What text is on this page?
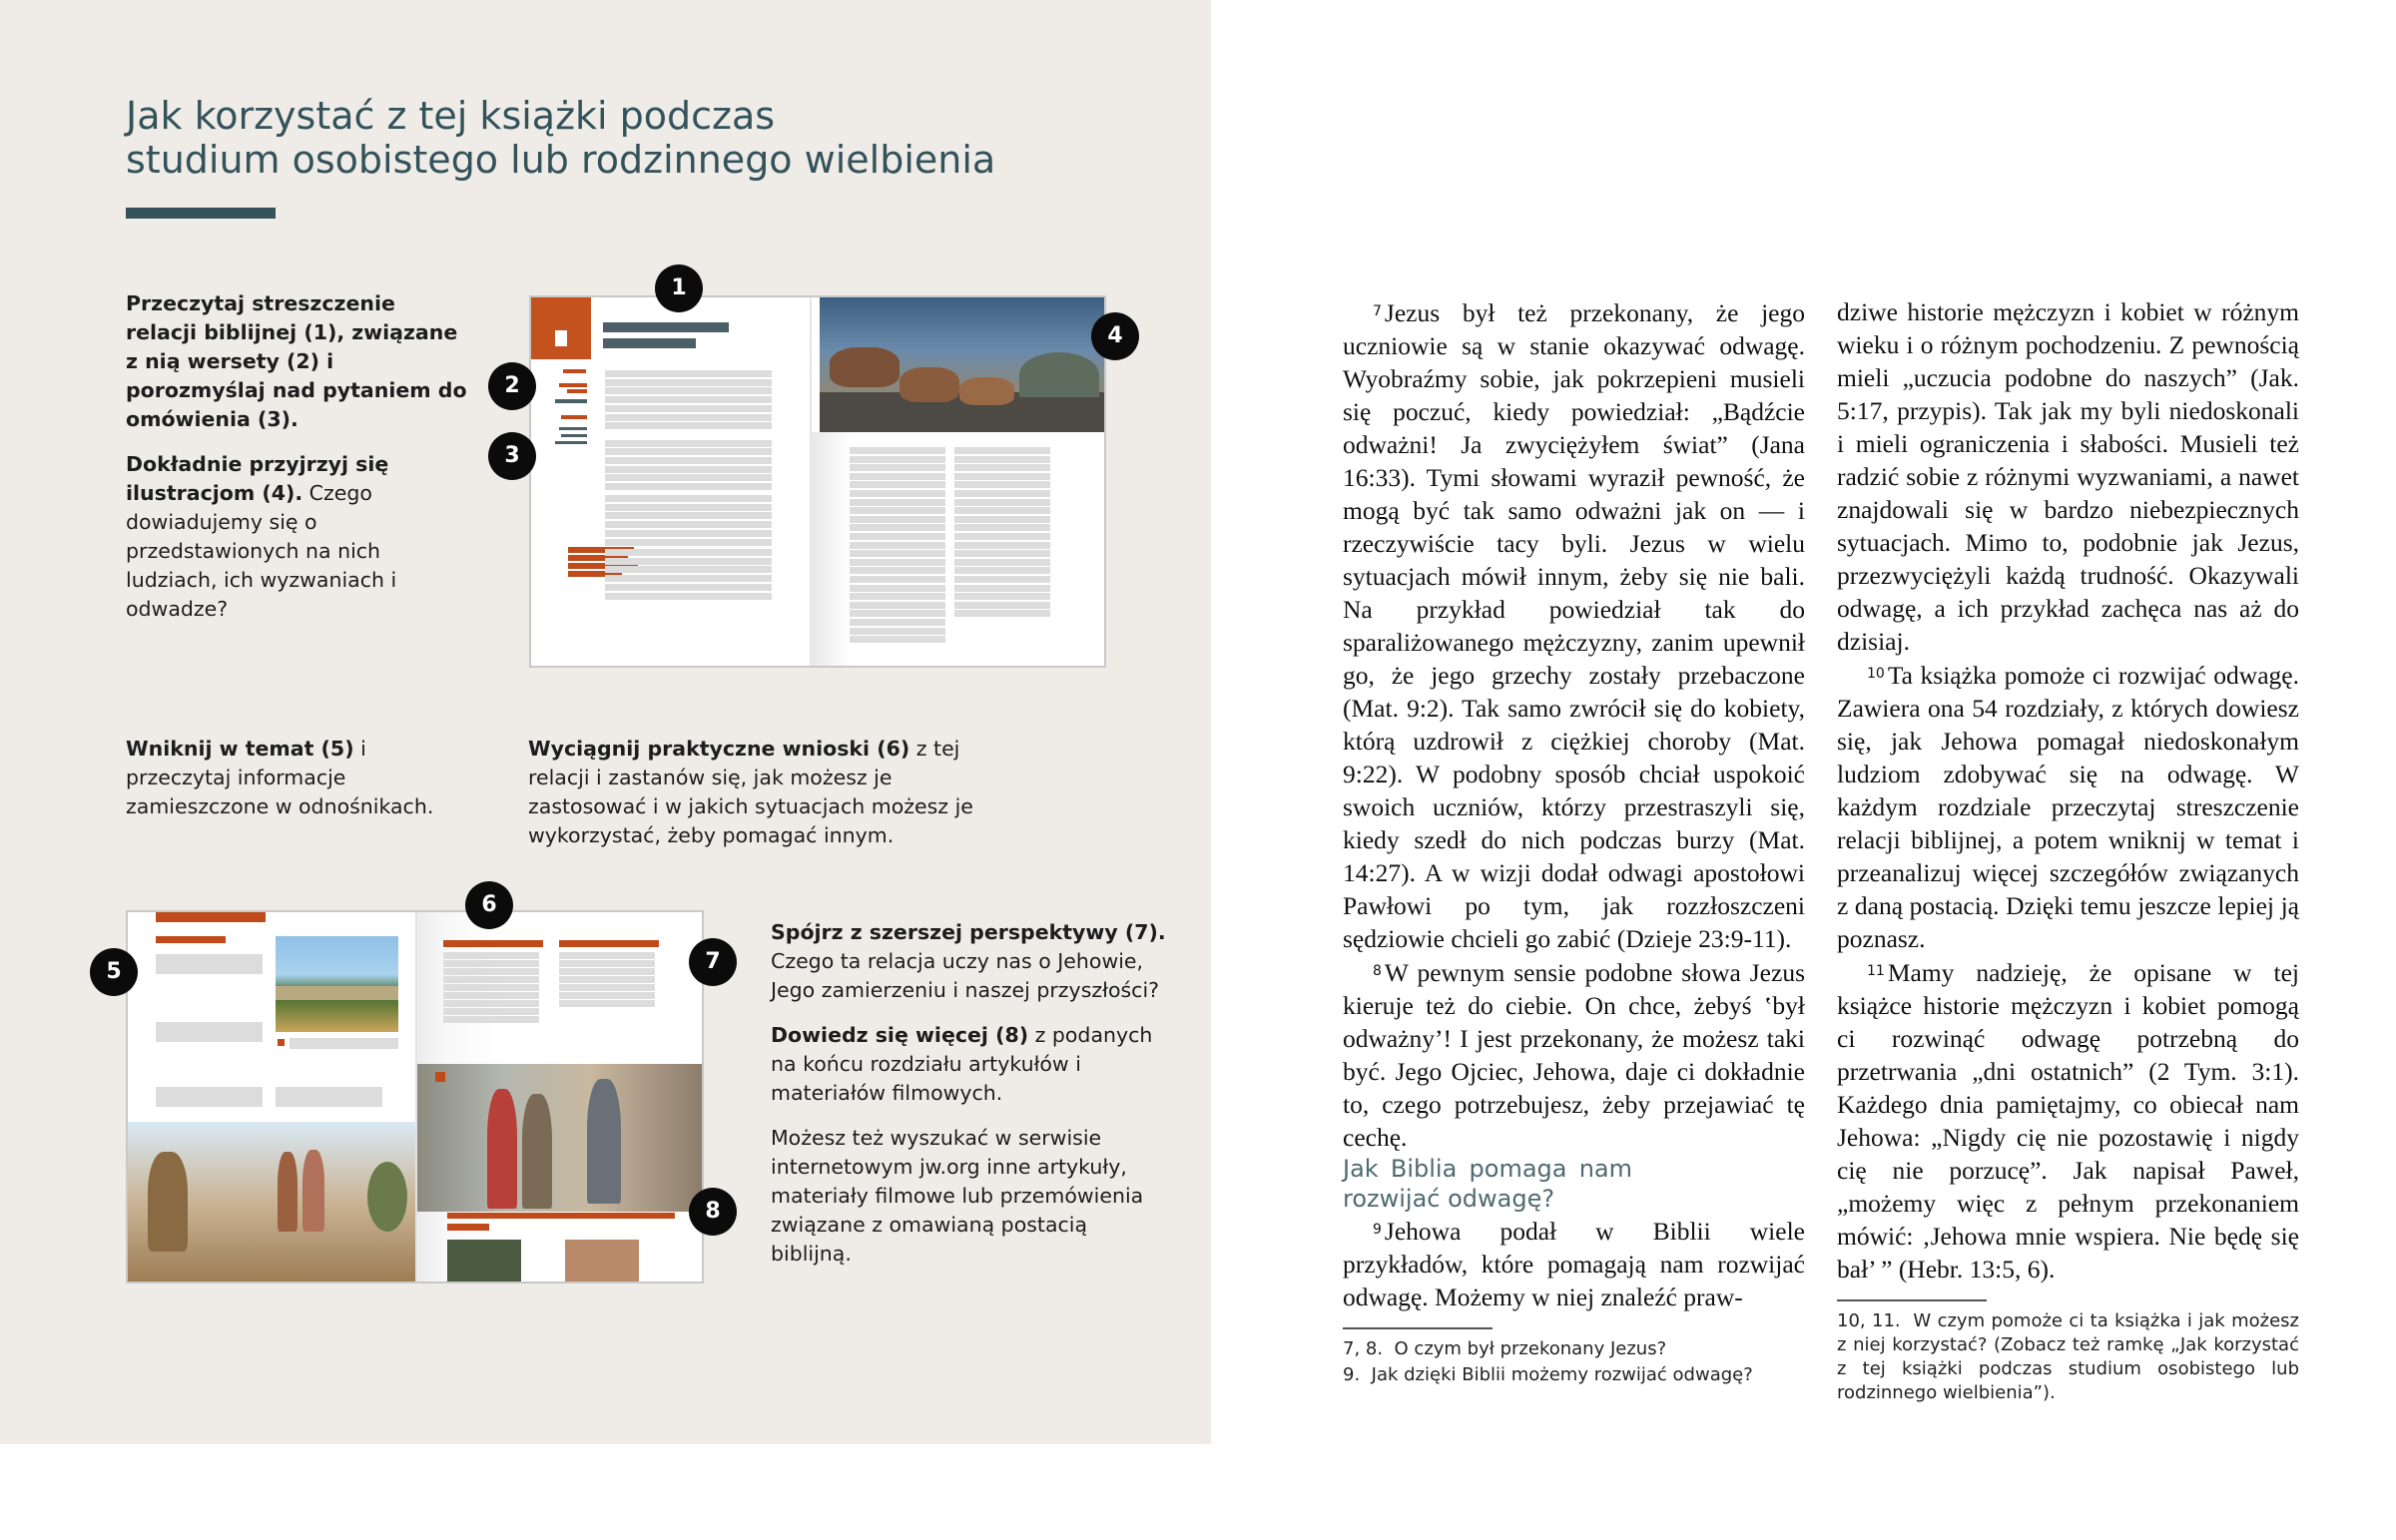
Jak korzystać z tej książki podczas
studium osobistego lub rodzinnego wielbienia

Przeczytaj streszczenie relacji biblijnej (1), związane z nią wersety (2) i porozmyślaj nad pytaniem do omówienia (3).

Dokładnie przyjrzyj się ilustracjom (4). Czego dowiadujemy się o przedstawionych na nich ludziach, ich wyzwaniach i odwadze?

1
2
3
4
Wniknij w temat (5) i przeczytaj informacje zamieszczone w odnośnikach.
Wyciągnij praktyczne wnioski (6) z tej relacji i zastanów się, jak możesz je zastosować i w jakich sytuacjach możesz je wykorzystać, żeby pomagać innym.
5
6
7
8

Spójrz z szerszej perspektywy (7). Czego ta relacja uczy nas o Jehowie, Jego zamierzeniu i naszej przyszłości?

Dowiedz się więcej (8) z podanych na końcu rozdziału artykułów i materiałów filmowych.

Możesz też wyszukać w serwisie internetowym jw.org inne artykuły, materiały filmowe lub przemówienia związane z omawianą postacią biblijną.

$^7$ Jezus był też przekonany, że jego uczniowie są w stanie okazywać odwagę. Wyobraźmy sobie, jak pokrzepieni musieli się poczuć, kiedy powiedział: „Bądźcie odważni! Ja zwyciężyłem świat” (Jana 16:33). Tymi słowami wyraził pewność, że mogą być tak samo odważni jak on — i rzeczywiście tacy byli. Jezus w wielu sytuacjach mówił innym, żeby się nie bali. Na przykład powiedział tak do sparaliżowanego mężczyzny, zanim upewnił go, że jego grzechy zostały przebaczone (Mat. 9:2). Tak samo zwrócił się do kobiety, którą uzdrowił z ciężkiej choroby (Mat. 9:22). W podobny sposób chciał uspokoić swoich uczniów, którzy przestraszyli się, kiedy szedł do nich podczas burzy (Mat. 14:27). A w wizji dodał odwagi apostołowi Pawłowi po tym, jak rozzłoszczeni sędziowie chcieli go zabić (Dzieje 23:9-11).

$^8$ W pewnym sensie podobne słowa Jezus kieruje też do ciebie. On chce, żebyś ‛był odważny’! I jest przekonany, że możesz taki być. Jego Ojciec, Jehowa, daje ci dokładnie to, czego potrzebujesz, żeby przejawiać tę cechę.

Jak Biblia pomaga nam rozwijać odwagę?

$^9$ Jehowa podał w Biblii wiele przykładów, które pomagają nam rozwijać odwagę. Możemy w niej znaleźć praw-

7, 8. O czym był przekonany Jezus?
9. Jak dzięki Biblii możemy rozwijać odwagę?

dziwe historie mężczyzn i kobiet w różnym wieku i o różnym pochodzeniu. Z pewnością mieli „uczucia podobne do naszych” (Jak. 5:17, przypis). Tak jak my byli niedoskonali i mieli ograniczenia i słabości. Musieli też radzić sobie z różnymi wyzwaniami, a nawet znajdowali się w bardzo niebezpiecznych sytuacjach. Mimo to, podobnie jak Jezus, przezwyciężyli każdą trudność. Okazywali odwagę, a ich przykład zachęca nas aż do dzisiaj.

$^{10}$ Ta książka pomoże ci rozwijać odwagę. Zawiera ona 54 rozdziały, z których dowiesz się, jak Jehowa pomagał niedoskonałym ludziom zdobywać się na odwagę. W każdym rozdziale przeczytaj streszczenie relacji biblijnej, a potem wniknij w temat i przeanalizuj więcej szczegółów związanych z daną postacią. Dzięki temu jeszcze lepiej ją poznasz.

$^{11}$ Mamy nadzieję, że opisane w tej książce historie mężczyzn i kobiet pomogą ci rozwinąć odwagę potrzebną do przetrwania „dni ostatnich” (2 Tym. 3:1). Każdego dnia pamiętajmy, co obiecał nam Jehowa: „Nigdy cię nie pozostawię i nigdy cię nie porzucę”. Jak napisał Paweł, „możemy więc z pełnym przekonaniem mówić: ‚Jehowa mnie wspiera. Nie będę się bał’ ” (Hebr. 13:5, 6).

10, 11. W czym pomoże ci ta książka i jak możesz z niej korzystać? (Zobacz też ramkę „Jak korzystać z tej książki podczas studium osobistego lub rodzinnego wielbienia”).
